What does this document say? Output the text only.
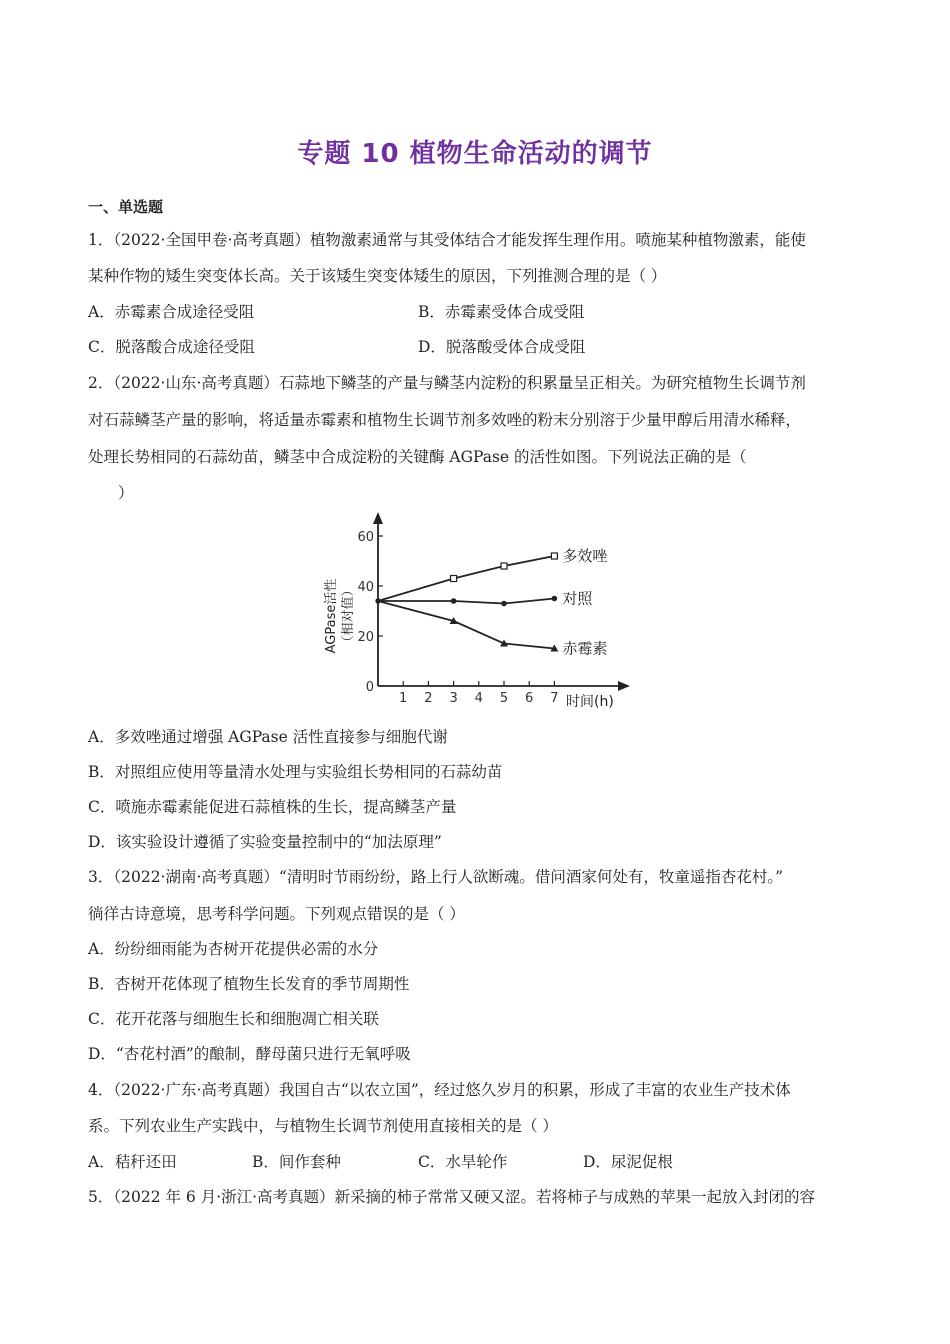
专题 10 植物生命活动的调节
一、单选题
1．（2022·全国甲卷·高考真题）植物激素通常与其受体结合才能发挥生理作用。喷施某种植物激素，能使
某种作物的矮生突变体长高。关于该矮生突变体矮生的原因，下列推测合理的是（ ）
A．赤霉素合成途径受阻	B．赤霉素受体合成受阻
C．脱落酸合成途径受阻	D．脱落酸受体合成受阻
2．（2022·山东·高考真题）石蒜地下鳞茎的产量与鳞茎内淀粉的积累量呈正相关。为研究植物生长调节剂
对石蒜鳞茎产量的影响，将适量赤霉素和植物生长调节剂多效唑的粉末分别溶于少量甲醇后用清水稀释，
处理长势相同的石蒜幼苗，鳞茎中合成淀粉的关键酶 AGPase 的活性如图。下列说法正确的是（
）
0
20
40
60
1 2 3 4 5 6 7 时间(h)
AGPase活性 （相对值）
多效唑
对照
赤霉素
A．多效唑通过增强 AGPase 活性直接参与细胞代谢
B．对照组应使用等量清水处理与实验组长势相同的石蒜幼苗
C．喷施赤霉素能促进石蒜植株的生长，提高鳞茎产量
D．该实验设计遵循了实验变量控制中的“加法原理”
3．（2022·湖南·高考真题）“清明时节雨纷纷，路上行人欲断魂。借问酒家何处有，牧童遥指杏花村。”
徜徉古诗意境，思考科学问题。下列观点错误的是（ ）
A．纷纷细雨能为杏树开花提供必需的水分
B．杏树开花体现了植物生长发育的季节周期性
C．花开花落与细胞生长和细胞凋亡相关联
D．“杏花村酒”的酿制，酵母菌只进行无氧呼吸
4．（2022·广东·高考真题）我国自古“以农立国”，经过悠久岁月的积累，形成了丰富的农业生产技术体
系。下列农业生产实践中，与植物生长调节剂使用直接相关的是（ ）
A．秸秆还田	B．间作套种	C．水旱轮作	D．尿泥促根
5．（2022 年 6 月·浙江·高考真题）新采摘的柿子常常又硬又涩。若将柿子与成熟的苹果一起放入封闭的容
